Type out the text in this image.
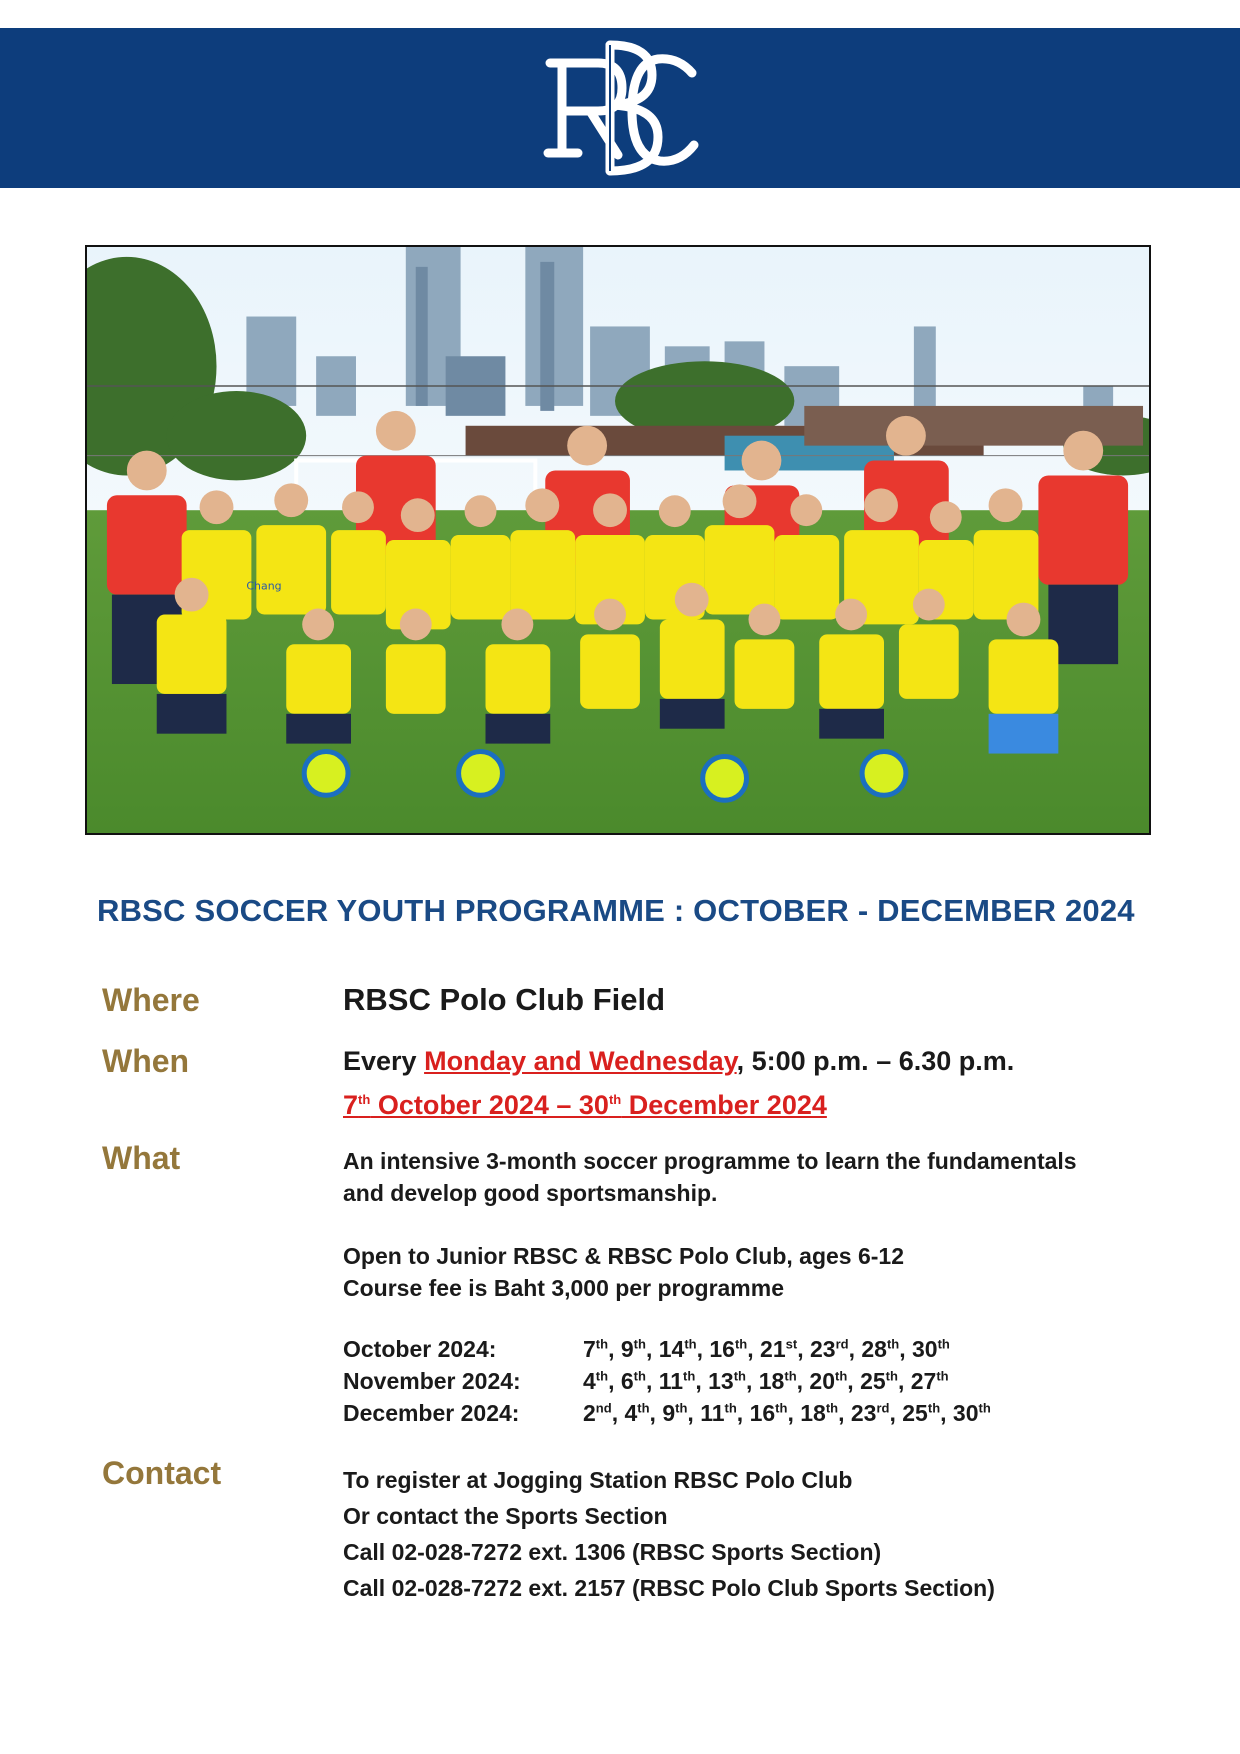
RBSC
Chang
RBSC SOCCER YOUTH PROGRAMME : OCTOBER - DECEMBER 2024
Where	RBSC Polo Club Field
When	Every Monday and Wednesday, 5:00 p.m. – 6.30 p.m.
7th October 2024 – 30th December 2024
What	An intensive 3-month soccer programme to learn the fundamentals
and develop good sportsmanship.
Open to Junior RBSC & RBSC Polo Club, ages 6-12
Course fee is Baht 3,000 per programme
October 2024:	7th, 9th, 14th, 16th, 21st, 23rd, 28th, 30th
November 2024:	4th, 6th, 11th, 13th, 18th, 20th, 25th, 27th
December 2024:	2nd, 4th, 9th, 11th, 16th, 18th, 23rd, 25th, 30th
Contact	To register at Jogging Station RBSC Polo Club
Or contact the Sports Section
Call 02-028-7272 ext. 1306 (RBSC Sports Section)
Call 02-028-7272 ext. 2157 (RBSC Polo Club Sports Section)
